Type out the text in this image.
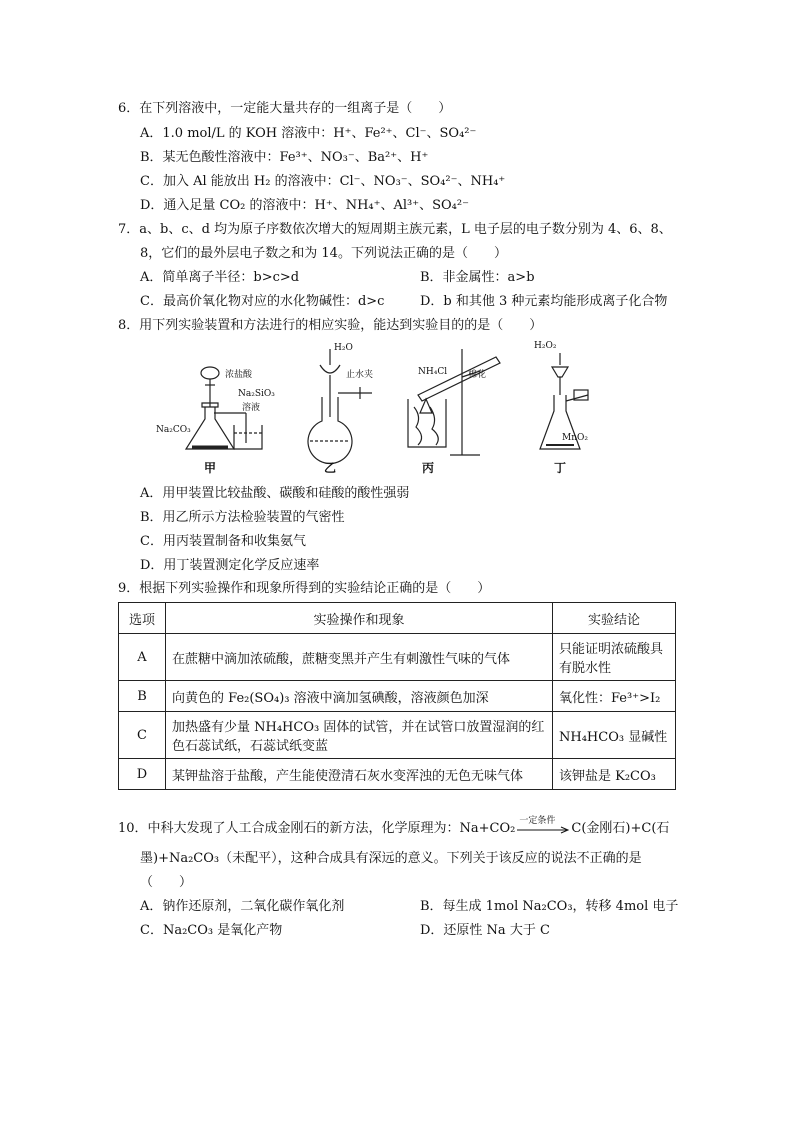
6．在下列溶液中，一定能大量共存的一组离子是（　　）
A．1.0 mol/L 的 KOH 溶液中：H⁺、Fe²⁺、Cl⁻、SO₄²⁻
B．某无色酸性溶液中：Fe³⁺、NO₃⁻、Ba²⁺、H⁺
C．加入 Al 能放出 H₂ 的溶液中：Cl⁻、NO₃⁻、SO₄²⁻、NH₄⁺
D．通入足量 CO₂ 的溶液中：H⁺、NH₄⁺、Al³⁺、SO₄²⁻
7．a、b、c、d 均为原子序数依次增大的短周期主族元素，L 电子层的电子数分别为 4、6、8、
8，它们的最外层电子数之和为 14。下列说法正确的是（　　）
A．简单离子半径：b>c>d	B．非金属性：a>b
C．最高价氧化物对应的水化物碱性：d>c	D．b 和其他 3 种元素均能形成离子化合物
8．用下列实验装置和方法进行的相应实验，能达到实验目的的是（　　）
浓盐酸
Na₂SiO₃
溶液
Na₂CO₃
H₂O
止水夹	NH₄Cl 棉花
H₂O₂
MnO₂
甲	乙	丙	丁
A．用甲装置比较盐酸、碳酸和硅酸的酸性强弱
B．用乙所示方法检验装置的气密性
C．用丙装置制备和收集氨气
D．用丁装置测定化学反应速率
9．根据下列实验操作和现象所得到的实验结论正确的是（　　）
选项	实验操作和现象	实验结论
A	在蔗糖中滴加浓硫酸，蔗糖变黑并产生有刺激性气味的气体	只能证明浓硫酸具有脱水性
B	向黄色的 Fe₂(SO₄)₃ 溶液中滴加氢碘酸，溶液颜色加深	氧化性：Fe³⁺>I₂
C	加热盛有少量 NH₄HCO₃ 固体的试管，并在试管口放置湿润的红色石蕊试纸，石蕊试纸变蓝	NH₄HCO₃ 显碱性
D	某钾盐溶于盐酸，产生能使澄清石灰水变浑浊的无色无味气体	该钾盐是 K₂CO₃
10．中科大发现了人工合成金刚石的新方法，化学原理为：Na+CO₂ 一定条件 C(金刚石)+C(石
墨)+Na₂CO₃（未配平），这种合成具有深远的意义。下列关于该反应的说法不正确的是
（　　）
A．钠作还原剂，二氧化碳作氧化剂	B．每生成 1mol Na₂CO₃，转移 4mol 电子
C．Na₂CO₃ 是氧化产物	D．还原性 Na 大于 C
